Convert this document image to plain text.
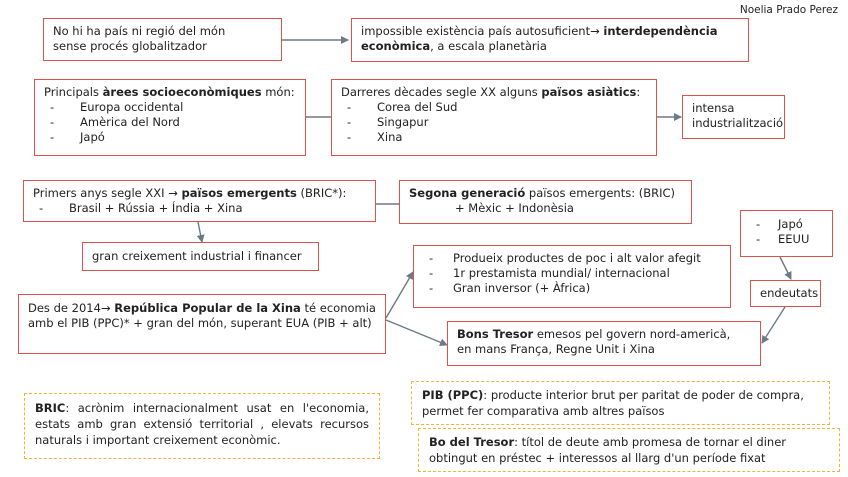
Noelia Prado Perez
No hi ha país ni regió del món
sense procés globalitzador
impossible existència país autosuficient→ interdependència econòmica, a escala planetària
Principals àrees socioeconòmiques món:
-	Europa occidental
-	Amèrica del Nord
-	Japó
Darreres dècades segle XX alguns països asiàtics:
-	Corea del Sud
-	Singapur
-	Xina
intensa
industrialització
Primers anys segle XXI → països emergents (BRIC*):
-	Brasil + Rússia + Índia + Xina
Segona generació països emergents: (BRIC)
+ Mèxic + Indonèsia
gran creixement industrial i financer
-	Japó
-	EEUU
-	Produeix productes de poc i alt valor afegit
-	1r prestamista mundial/ internacional
-	Gran inversor (+ Àfrica)	endeutats
Des de 2014→ República Popular de la Xina té economia amb el PIB (PPC)* + gran del món, superant EUA (PIB + alt)
Bons Tresor emesos pel govern nord-americà,
en mans França, Regne Unit i Xina
BRIC: acrònim internacionalment usat en l'economia, estats amb gran extensió territorial , elevats recursos naturals i important creixement econòmic.
PIB (PPC): producte interior brut per paritat de poder de compra, permet fer comparativa amb altres països
Bo del Tresor: títol de deute amb promesa de tornar el diner obtingut en préstec + interessos al llarg d'un període fixat
